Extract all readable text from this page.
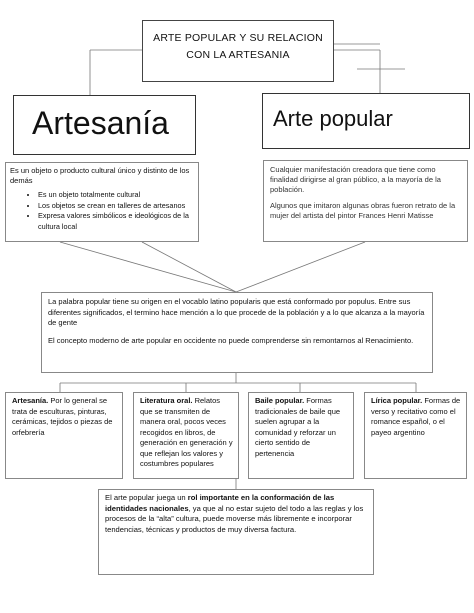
ARTE POPULAR Y SU RELACION
CON LA ARTESANIA
Artesanía	Arte popular

Es un objeto o producto cultural único y distinto de los demás

• Es un objeto totalmente cultural
• Los objetos se crean en talleres de artesanos
• Expresa valores simbólicos e ideológicos de la cultura local

Cualquier manifestación creadora que tiene como finalidad dirigirse al gran público, a la mayoría de la población.

Algunos que imitaron algunas obras fueron retrato de la mujer del artista del pintor Frances Henri Matisse

La palabra popular tiene su origen en el vocablo latino popularis que está conformado por populus. Entre sus diferentes significados, el termino hace mención a lo que procede de la población y a lo que alcanza a la mayoría de gente

El concepto moderno de arte popular en occidente no puede comprenderse sin remontarnos al Renacimiento.

Artesanía. Por lo general se trata de esculturas, pinturas, cerámicas, tejidos o piezas de orfebrería

Literatura oral. Relatos que se transmiten de manera oral, pocos veces recogidos en libros, de generación en generación y que reflejan los valores y costumbres populares

Baile popular. Formas tradicionales de baile que suelen agrupar a la comunidad y reforzar un cierto sentido de pertenencia

Lírica popular. Formas de verso y recitativo como el romance español, o el payeo argentino

El arte popular juega un rol importante en la conformación de las identidades nacionales, ya que al no estar sujeto del todo a las reglas y los procesos de la “alta” cultura, puede moverse más libremente e incorporar tendencias, técnicas y productos de muy diversa factura.
